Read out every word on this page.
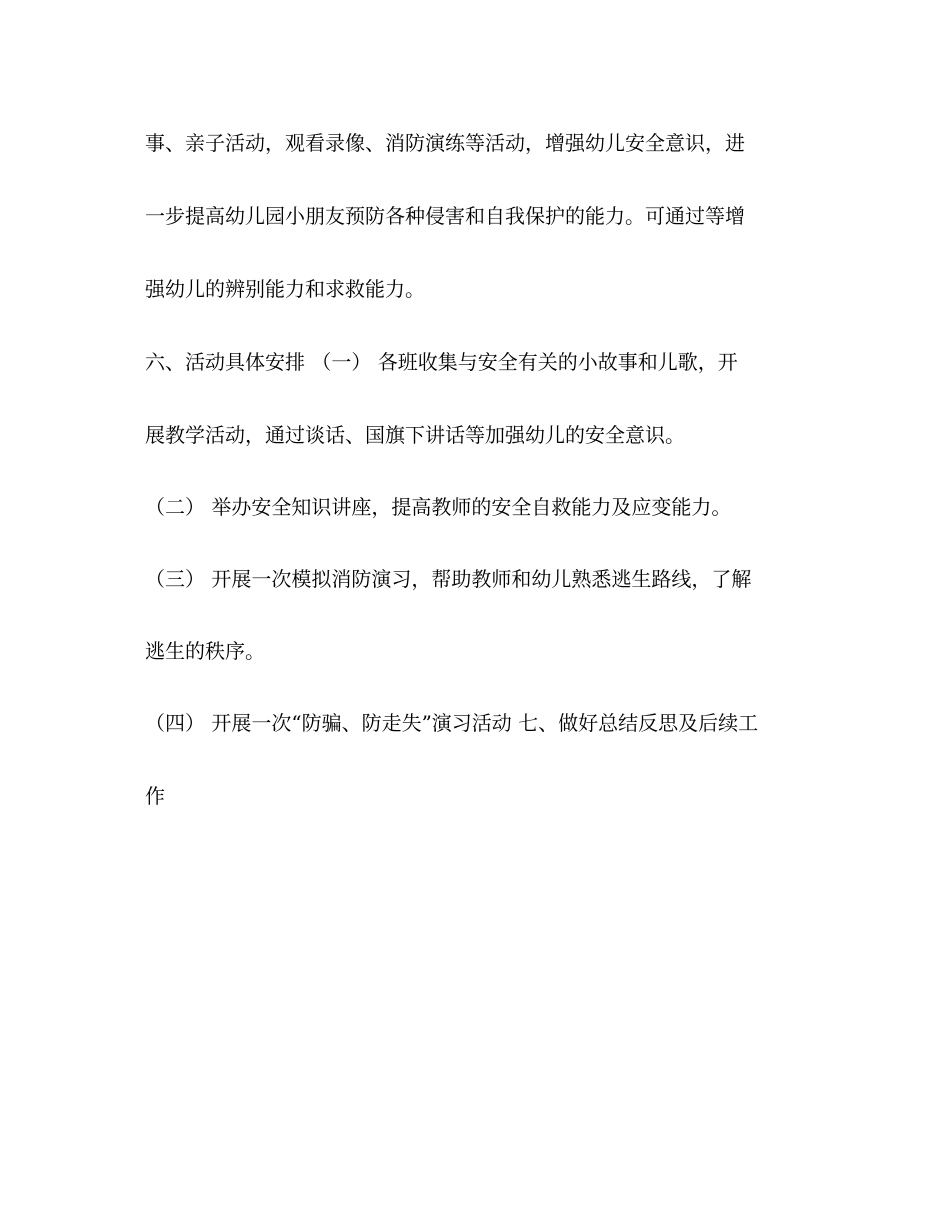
事、亲子活动，观看录像、消防演练等活动，增强幼儿安全意识，进
一步提高幼儿园小朋友预防各种侵害和自我保护的能力。可通过等增
强幼儿的辨别能力和求救能力。
六、活动具体安排 （一） 各班收集与安全有关的小故事和儿歌，开
展教学活动，通过谈话、国旗下讲话等加强幼儿的安全意识。
（二） 举办安全知识讲座，提高教师的安全自救能力及应变能力。
（三） 开展一次模拟消防演习，帮助教师和幼儿熟悉逃生路线，了解
逃生的秩序。
（四） 开展一次“防骗、防走失”演习活动 七、做好总结反思及后续工
作
